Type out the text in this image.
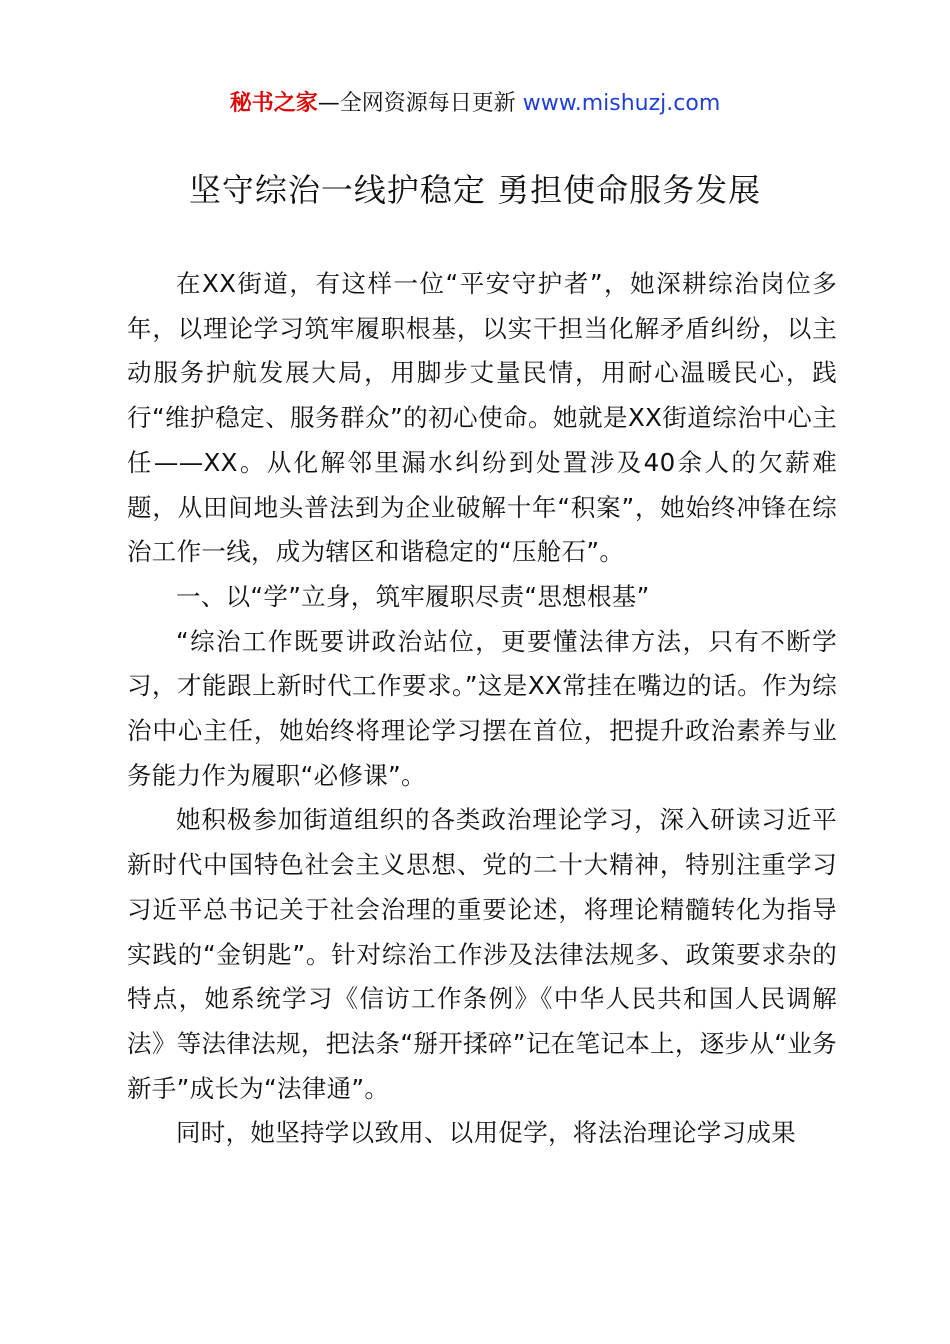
秘书之家—全网资源每日更新 www.mishuzj.com
坚守综治一线护稳定 勇担使命服务发展

在XX街道，有这样一位“平安守护者”，她深耕综治岗位多年，以理论学习筑牢履职根基，以实干担当化解矛盾纠纷，以主动服务护航发展大局，用脚步丈量民情，用耐心温暖民心，践行“维护稳定、服务群众”的初心使命。她就是XX街道综治中心主任——XX。从化解邻里漏水纠纷到处置涉及40余人的欠薪难题，从田间地头普法到为企业破解十年“积案”，她始终冲锋在综治工作一线，成为辖区和谐稳定的“压舱石”。

一、以“学”立身，筑牢履职尽责“思想根基”

“综治工作既要讲政治站位，更要懂法律方法，只有不断学习，才能跟上新时代工作要求。”这是XX常挂在嘴边的话。作为综治中心主任，她始终将理论学习摆在首位，把提升政治素养与业务能力作为履职“必修课”。

她积极参加街道组织的各类政治理论学习，深入研读习近平新时代中国特色社会主义思想、党的二十大精神，特别注重学习习近平总书记关于社会治理的重要论述，将理论精髓转化为指导实践的“金钥匙”。针对综治工作涉及法律法规多、政策要求杂的特点，她系统学习《信访工作条例》《中华人民共和国人民调解法》等法律法规，把法条“掰开揉碎”记在笔记本上，逐步从“业务新手”成长为“法律通”。

同时，她坚持学以致用、以用促学，将法治理论学习成果
